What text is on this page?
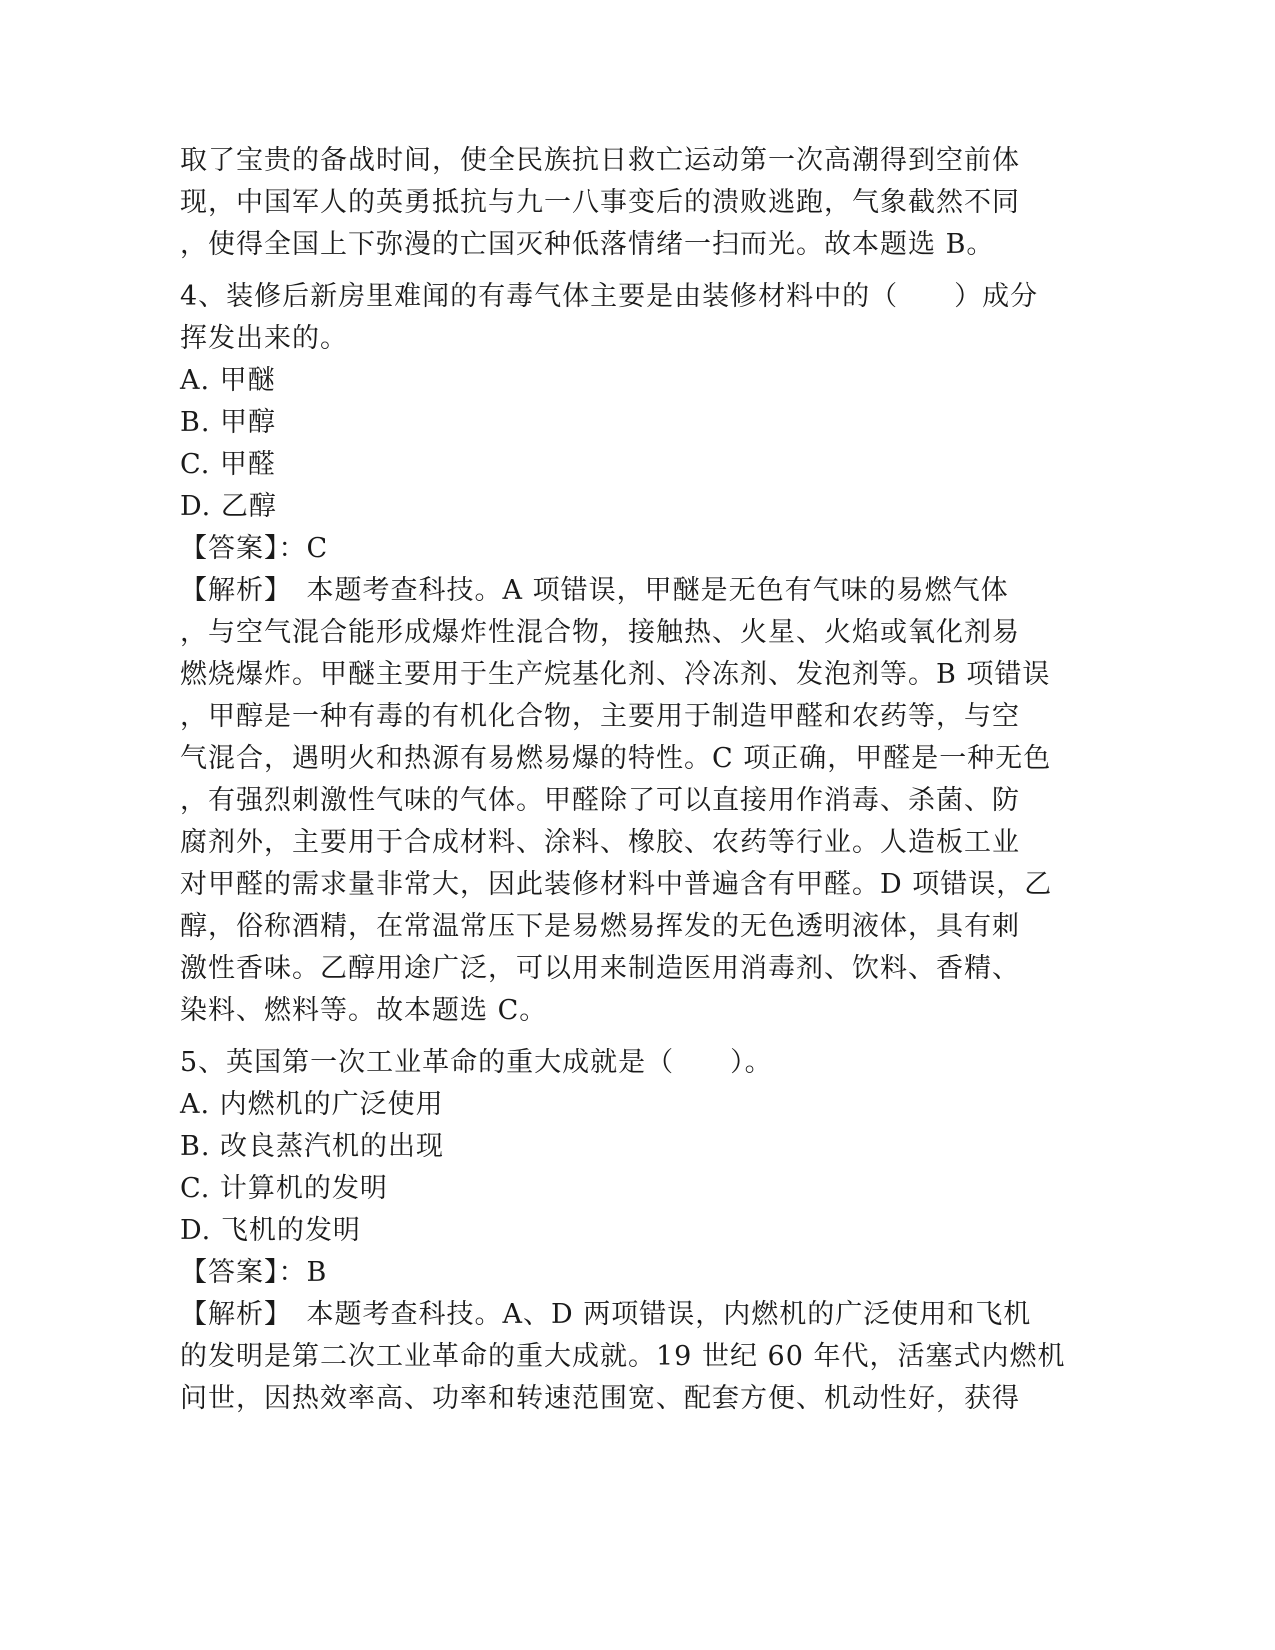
取了宝贵的备战时间，使全民族抗日救亡运动第一次高潮得到空前体
现，中国军人的英勇抵抗与九一八事变后的溃败逃跑，气象截然不同
，使得全国上下弥漫的亡国灭种低落情绪一扫而光。故本题选 B。
4、装修后新房里难闻的有毒气体主要是由装修材料中的（　　）成分
挥发出来的。
A. 甲醚
B. 甲醇
C. 甲醛
D. 乙醇
【答案】：C
【解析】　本题考查科技。A 项错误，甲醚是无色有气味的易燃气体
，与空气混合能形成爆炸性混合物，接触热、火星、火焰或氧化剂易
燃烧爆炸。甲醚主要用于生产烷基化剂、冷冻剂、发泡剂等。B 项错误
，甲醇是一种有毒的有机化合物，主要用于制造甲醛和农药等，与空
气混合，遇明火和热源有易燃易爆的特性。C 项正确，甲醛是一种无色
，有强烈刺激性气味的气体。甲醛除了可以直接用作消毒、杀菌、防
腐剂外，主要用于合成材料、涂料、橡胶、农药等行业。人造板工业
对甲醛的需求量非常大，因此装修材料中普遍含有甲醛。D 项错误，乙
醇，俗称酒精，在常温常压下是易燃易挥发的无色透明液体，具有刺
激性香味。乙醇用途广泛，可以用来制造医用消毒剂、饮料、香精、
染料、燃料等。故本题选 C。
5、英国第一次工业革命的重大成就是（　　）。
A. 内燃机的广泛使用
B. 改良蒸汽机的出现
C. 计算机的发明
D. 飞机的发明
【答案】：B
【解析】　本题考查科技。A、D 两项错误，内燃机的广泛使用和飞机
的发明是第二次工业革命的重大成就。19 世纪 60 年代，活塞式内燃机
问世，因热效率高、功率和转速范围宽、配套方便、机动性好，获得
